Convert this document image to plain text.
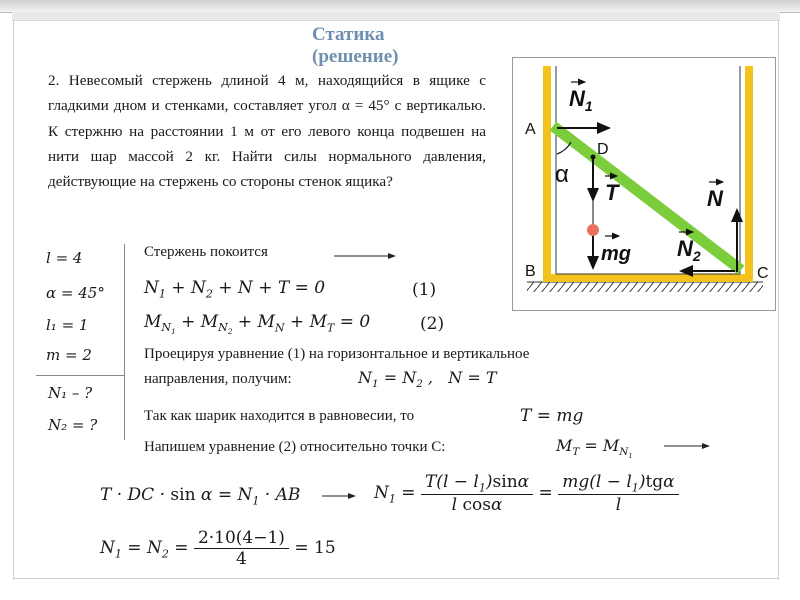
Статика
(решение)
2. Невесомый стержень длиной 4 м, находящийся в ящике с гладкими дном и стенками, составляет угол α = 45° с вертикалью. К стержню на расстоянии 1 м от его левого конца подвешен на нити шар массой 2 кг. Найти силы нормального давления, действующие на стержень со стороны стенок ящика?
l = 4
α = 45°
l₁ = 1
m = 2
N₁ – ?
N₂ = ?
Стержень покоится
$N_1 + N_2 + N + T = 0$	(1)
$M_{N_1} + M_{N_2} + M_N + M_T = 0$	(2)
Проецируя уравнение (1) на горизонтальное и вертикальное
направления, получим:	$N_1 = N_2$ ,   N = T
Так как шарик находится в равновесии, то	T = mg
Напишем уравнение (2) относительно точки С:	$M_T = M_{N_1}$
T · DC · $\sin \alpha = N_1$ · AB	$N_1 = \frac{T(l - l_1)\sin\alpha}{\text{l cosα}} = \frac{mg(l - l_1)tg\alpha}{l}$
$N_1 = N_2 = \frac{2\cdot 10(4-1)}{4} = 15$
A
B	C
D
α
$N_1$
T
mg
N
$N_2$
